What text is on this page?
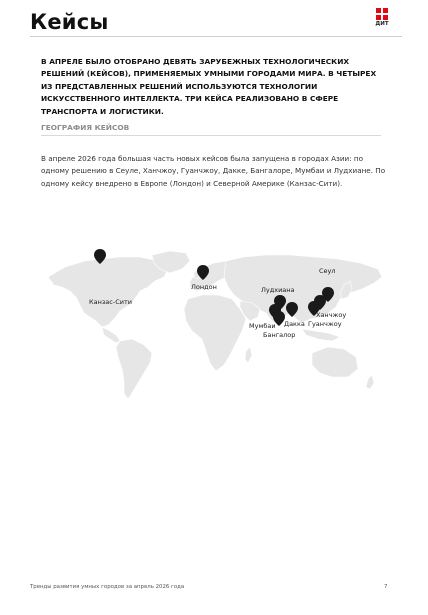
Кейсы	ДИТ
В АПРЕЛЕ БЫЛО ОТОБРАНО ДЕВЯТЬ ЗАРУБЕЖНЫХ ТЕХНОЛОГИЧЕСКИХ РЕШЕНИЙ (КЕЙСОВ), ПРИМЕНЯЕМЫХ УМНЫМИ ГОРОДАМИ МИРА. В ЧЕТЫРЕХ ИЗ ПРЕДСТАВЛЕННЫХ РЕШЕНИЙ ИСПОЛЬЗУЮТСЯ ТЕХНОЛОГИИ ИСКУССТВЕННОГО ИНТЕЛЛЕКТА. ТРИ КЕЙСА РЕАЛИЗОВАНО В СФЕРЕ ТРАНСПОРТА И ЛОГИСТИКИ.
ГЕОГРАФИЯ КЕЙСОВ
В апреле 2026 года большая часть новых кейсов была запущена в городах Азии: по одному решению в Сеуле, Ханчжоу, Гуанчжоу, Дакке, Бангалоре, Мумбаи и Лудхиане. По одному кейсу внедрено в Европе (Лондон) и Северной Америке (Канзас-Сити).
Канзас-Сити
Лондон	Лудхиана
Мумбаи Дакка
Бангалор
Сеул
Ханчжоу
Гуанчжоу
Тренды развития умных городов за апрель 2026 года	7
